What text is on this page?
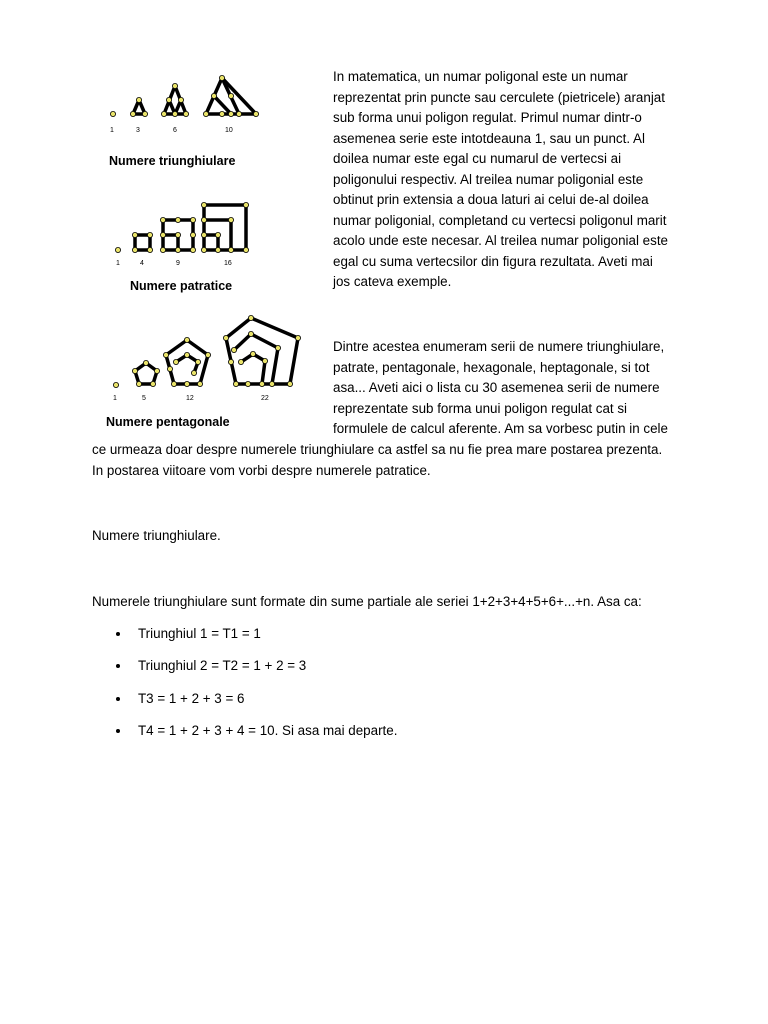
1	3	6	10
Numere triunghiulare
1	4	9	16
Numere patratice
1	5	12	22
Numere pentagonale
In matematica, un numar poligonal este un numar
reprezentat prin puncte sau cerculete (pietricele) aranjat
sub forma unui poligon regulat. Primul numar dintr-o
asemenea serie este intotdeauna 1, sau un punct. Al
doilea numar este egal cu numarul de vertecsi ai
poligonului respectiv. Al treilea numar poligonial este
obtinut prin extensia a doua laturi ai celui de-al doilea
numar poligonial, completand cu vertecsi poligonul marit
acolo unde este necesar. Al treilea numar poligonial este
egal cu suma vertecsilor din figura rezultata. Aveti mai
jos cateva exemple.
Dintre acestea enumeram serii de numere triunghiulare,
patrate, pentagonale, hexagonale, heptagonale, si tot
asa... Aveti aici o lista cu 30 asemenea serii de numere
reprezentate sub forma unui poligon regulat cat si
formulele de calcul aferente. Am sa vorbesc putin in cele
ce urmeaza doar despre numerele triunghiulare ca astfel sa nu fie prea mare postarea prezenta.
In postarea viitoare vom vorbi despre numerele patratice.
Numere triunghiulare.
Numerele triunghiulare sunt formate din sume partiale ale seriei 1+2+3+4+5+6+...+n. Asa ca:
Triunghiul 1 = T1 = 1
Triunghiul 2 = T2 = 1 + 2 = 3
T3 = 1 + 2 + 3 = 6
T4 = 1 + 2 + 3 + 4 = 10. Si asa mai departe.
